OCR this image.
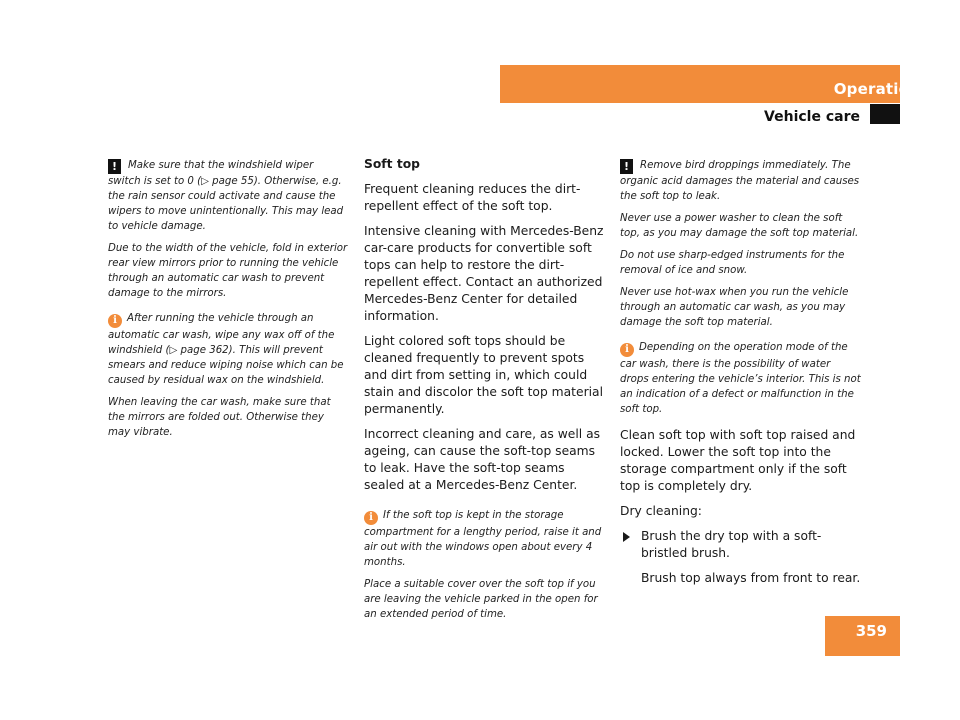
Operation
Vehicle care

! Make sure that the windshield wiper switch is set to 0 (▷ page 55). Otherwise, e.g. the rain sensor could activate and cause the wipers to move unintentionally. This may lead to vehicle damage.

Due to the width of the vehicle, fold in exterior rear view mirrors prior to running the vehicle through an automatic car wash to prevent damage to the mirrors.

i After running the vehicle through an automatic car wash, wipe any wax off of the windshield (▷ page 362). This will prevent smears and reduce wiping noise which can be caused by residual wax on the windshield.

When leaving the car wash, make sure that the mirrors are folded out. Otherwise they may vibrate.

Soft top

Frequent cleaning reduces the dirt-repellent effect of the soft top.

Intensive cleaning with Mercedes-Benz car-care products for convertible soft tops can help to restore the dirt-repellent effect. Contact an authorized Mercedes-Benz Center for detailed information.

Light colored soft tops should be cleaned frequently to prevent spots and dirt from setting in, which could stain and discolor the soft top material permanently.

Incorrect cleaning and care, as well as ageing, can cause the soft-top seams to leak. Have the soft-top seams sealed at a Mercedes-Benz Center.

i If the soft top is kept in the storage compartment for a lengthy period, raise it and air out with the windows open about every 4 months.

Place a suitable cover over the soft top if you are leaving the vehicle parked in the open for an extended period of time.

! Remove bird droppings immediately. The organic acid damages the material and causes the soft top to leak.

Never use a power washer to clean the soft top, as you may damage the soft top material.

Do not use sharp-edged instruments for the removal of ice and snow.

Never use hot-wax when you run the vehicle through an automatic car wash, as you may damage the soft top material.

i Depending on the operation mode of the car wash, there is the possibility of water drops entering the vehicle’s interior. This is not an indication of a defect or malfunction in the soft top.

Clean soft top with soft top raised and locked. Lower the soft top into the storage compartment only if the soft top is completely dry.

Dry cleaning:

Brush the dry top with a soft-bristled brush.

Brush top always from front to rear.

359
